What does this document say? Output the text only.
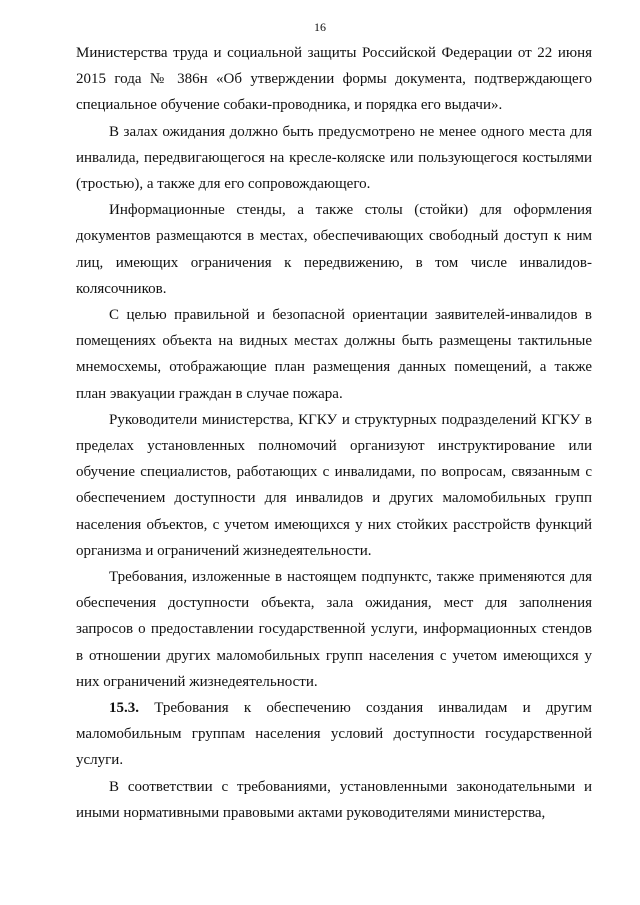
16

Министерства труда и социальной защиты Российской Федерации от 22 июня 2015 года № 386н «Об утверждении формы документа, подтверждающего специальное обучение собаки-проводника, и порядка его выдачи».

В залах ожидания должно быть предусмотрено не менее одного места для инвалида, передвигающегося на кресле-коляске или пользующегося костылями (тростью), а также для его сопровождающего.

Информационные стенды, а также столы (стойки) для оформления документов размещаются в местах, обеспечивающих свободный доступ к ним лиц, имеющих ограничения к передвижению, в том числе инвалидов-колясочников.

С целью правильной и безопасной ориентации заявителей-инвалидов в помещениях объекта на видных местах должны быть размещены тактильные мнемосхемы, отображающие план размещения данных помещений, а также план эвакуации граждан в случае пожара.

Руководители министерства, КГКУ и структурных подразделений КГКУ в пределах установленных полномочий организуют инструктирование или обучение специалистов, работающих с инвалидами, по вопросам, связанным с обеспечением доступности для инвалидов и других маломобильных групп населения объектов, с учетом имеющихся у них стойких расстройств функций организма и ограничений жизнедеятельности.

Требования, изложенные в настоящем подпунктс, также применяются для обеспечения доступности объекта, зала ожидания, мест для заполнения запросов о предоставлении государственной услуги, информационных стендов в отношении других маломобильных групп населения с учетом имеющихся у них ограничений жизнедеятельности.

15.3. Требования к обеспечению создания инвалидам и другим маломобильным группам населения условий доступности государственной услуги.

В соответствии с требованиями, установленными законодательными и иными нормативными правовыми актами руководителями министерства,
